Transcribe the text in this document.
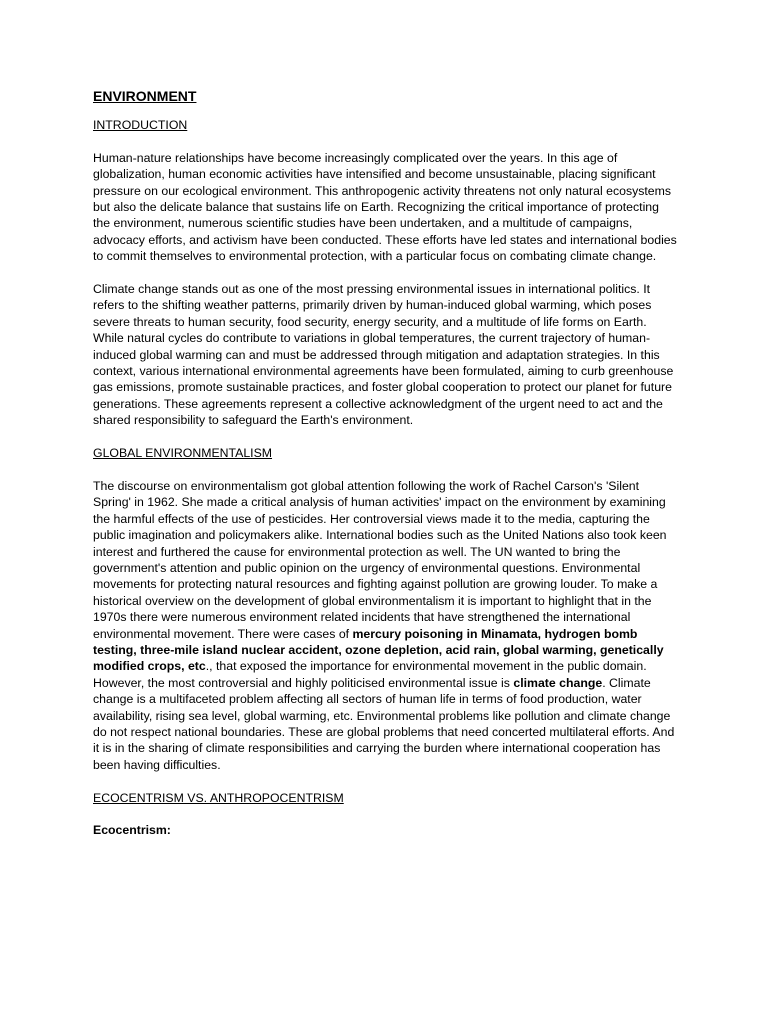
ENVIRONMENT
INTRODUCTION

Human-nature relationships have become increasingly complicated over the years. In this age of globalization, human economic activities have intensified and become unsustainable, placing significant pressure on our ecological environment. This anthropogenic activity threatens not only natural ecosystems but also the delicate balance that sustains life on Earth. Recognizing the critical importance of protecting the environment, numerous scientific studies have been undertaken, and a multitude of campaigns, advocacy efforts, and activism have been conducted. These efforts have led states and international bodies to commit themselves to environmental protection, with a particular focus on combating climate change.

Climate change stands out as one of the most pressing environmental issues in international politics. It refers to the shifting weather patterns, primarily driven by human-induced global warming, which poses severe threats to human security, food security, energy security, and a multitude of life forms on Earth. While natural cycles do contribute to variations in global temperatures, the current trajectory of human-induced global warming can and must be addressed through mitigation and adaptation strategies. In this context, various international environmental agreements have been formulated, aiming to curb greenhouse gas emissions, promote sustainable practices, and foster global cooperation to protect our planet for future generations. These agreements represent a collective acknowledgment of the urgent need to act and the shared responsibility to safeguard the Earth's environment.

GLOBAL ENVIRONMENTALISM

The discourse on environmentalism got global attention following the work of Rachel Carson's 'Silent Spring' in 1962. She made a critical analysis of human activities' impact on the environment by examining the harmful effects of the use of pesticides. Her controversial views made it to the media, capturing the public imagination and policymakers alike. International bodies such as the United Nations also took keen interest and furthered the cause for environmental protection as well. The UN wanted to bring the government's attention and public opinion on the urgency of environmental questions. Environmental movements for protecting natural resources and fighting against pollution are growing louder. To make a historical overview on the development of global environmentalism it is important to highlight that in the 1970s there were numerous environment related incidents that have strengthened the international environmental movement. There were cases of mercury poisoning in Minamata, hydrogen bomb testing, three-mile island nuclear accident, ozone depletion, acid rain, global warming, genetically modified crops, etc., that exposed the importance for environmental movement in the public domain. However, the most controversial and highly politicised environmental issue is climate change. Climate change is a multifaceted problem affecting all sectors of human life in terms of food production, water availability, rising sea level, global warming, etc. Environmental problems like pollution and climate change do not respect national boundaries. These are global problems that need concerted multilateral efforts. And it is in the sharing of climate responsibilities and carrying the burden where international cooperation has been having difficulties.

ECOCENTRISM VS. ANTHROPOCENTRISM
Ecocentrism:
